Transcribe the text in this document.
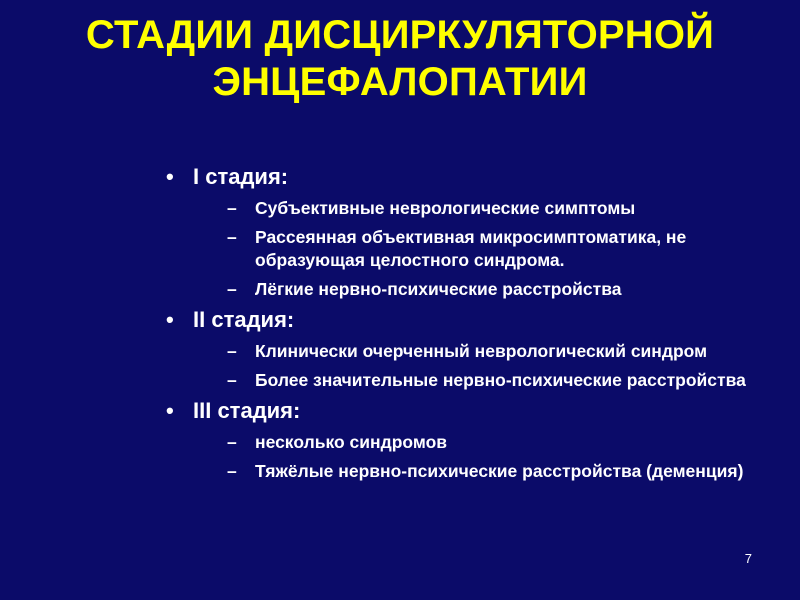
СТАДИИ ДИСЦИРКУЛЯТОРНОЙ
ЭНЦЕФАЛОПАТИИ
• I стадия:
– Субъективные неврологические симптомы
– Рассеянная объективная микросимптоматика, не образующая целостного синдрома.
– Лёгкие нервно-психические расстройства
• II стадия:
– Клинически очерченный неврологический синдром
– Более значительные нервно-психические расстройства
• III стадия:
– несколько синдромов
– Тяжёлые нервно-психические расстройства (деменция)
7
